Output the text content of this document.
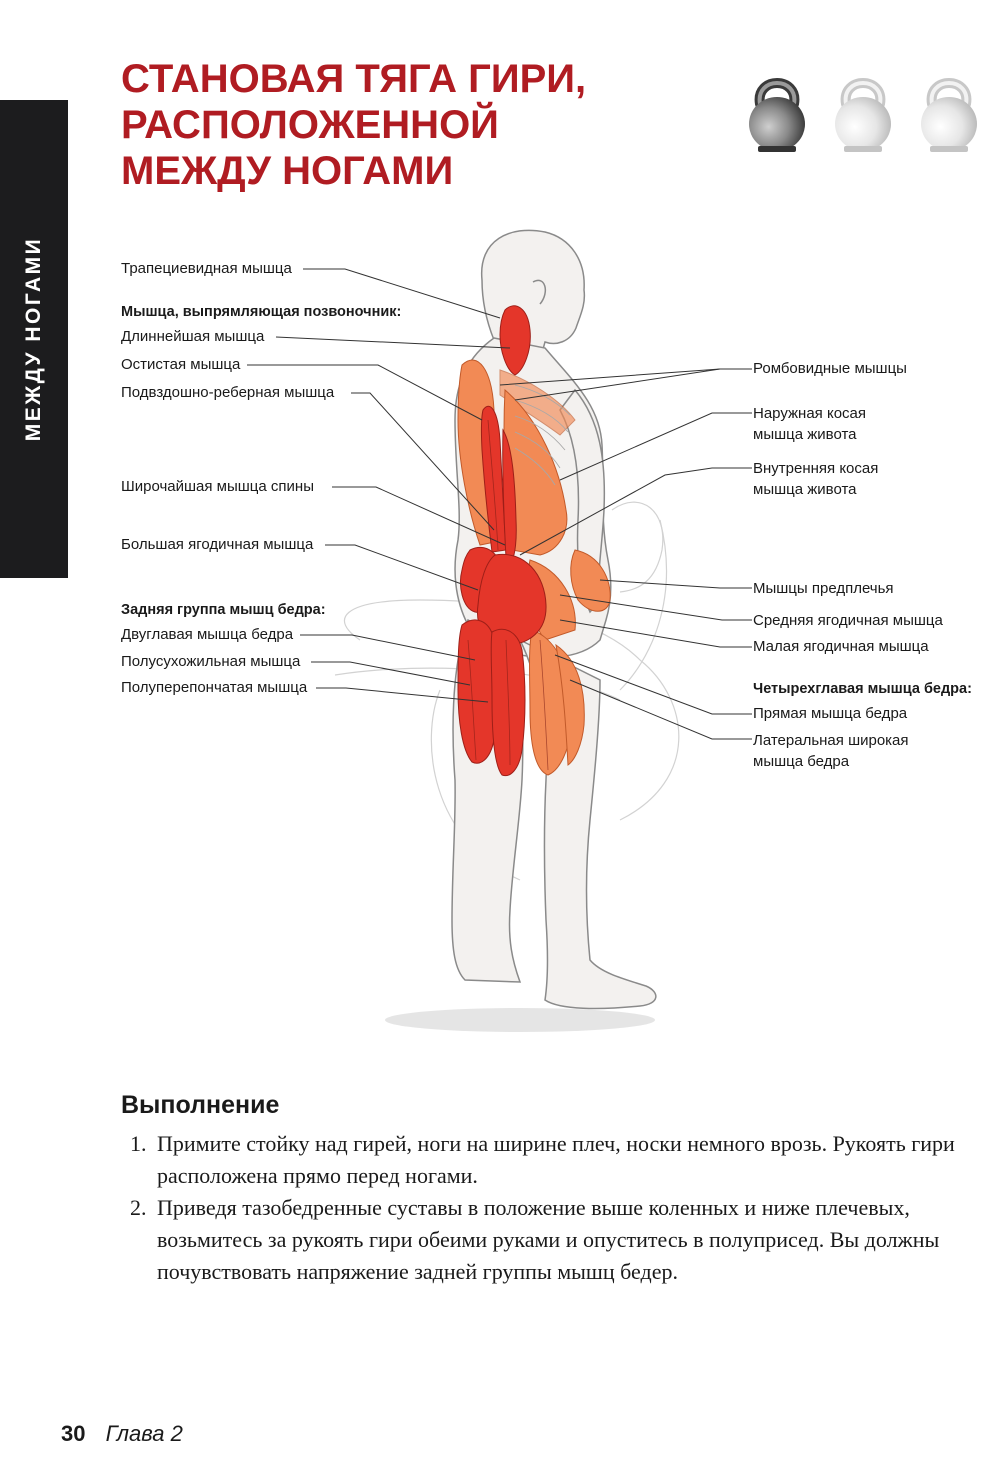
МЕЖДУ НОГАМИ
СТАНОВАЯ ТЯГА ГИРИ,
РАСПОЛОЖЕННОЙ
МЕЖДУ НОГАМИ
Трапециевидная мышца
Мышца, выпрямляющая позвоночник:
Длиннейшая мышца
Остистая мышца
Подвздошно-реберная мышца
Широчайшая мышца спины
Большая ягодичная мышца
Задняя группа мышц бедра:
Двуглавая мышца бедра
Полусухожильная мышца
Полуперепончатая мышца
Ромбовидные мышцы
Наружная косая
мышца живота
Внутренняя косая
мышца живота
Мышцы предплечья
Средняя ягодичная мышца
Малая ягодичная мышца
Четырехглавая мышца бедра:
Прямая мышца бедра
Латеральная широкая
мышца бедра
Выполнение
1. Примите стойку над гирей, ноги на ширине плеч, носки немного врозь. Рукоять гири расположена прямо перед ногами.
2. Приведя тазобедренные суставы в положение выше коленных и ниже плечевых, возьмитесь за рукоять гири обеими руками и опуститесь в полуприсед. Вы должны почувствовать напряжение задней группы мышц бедер.
30 Глава 2
